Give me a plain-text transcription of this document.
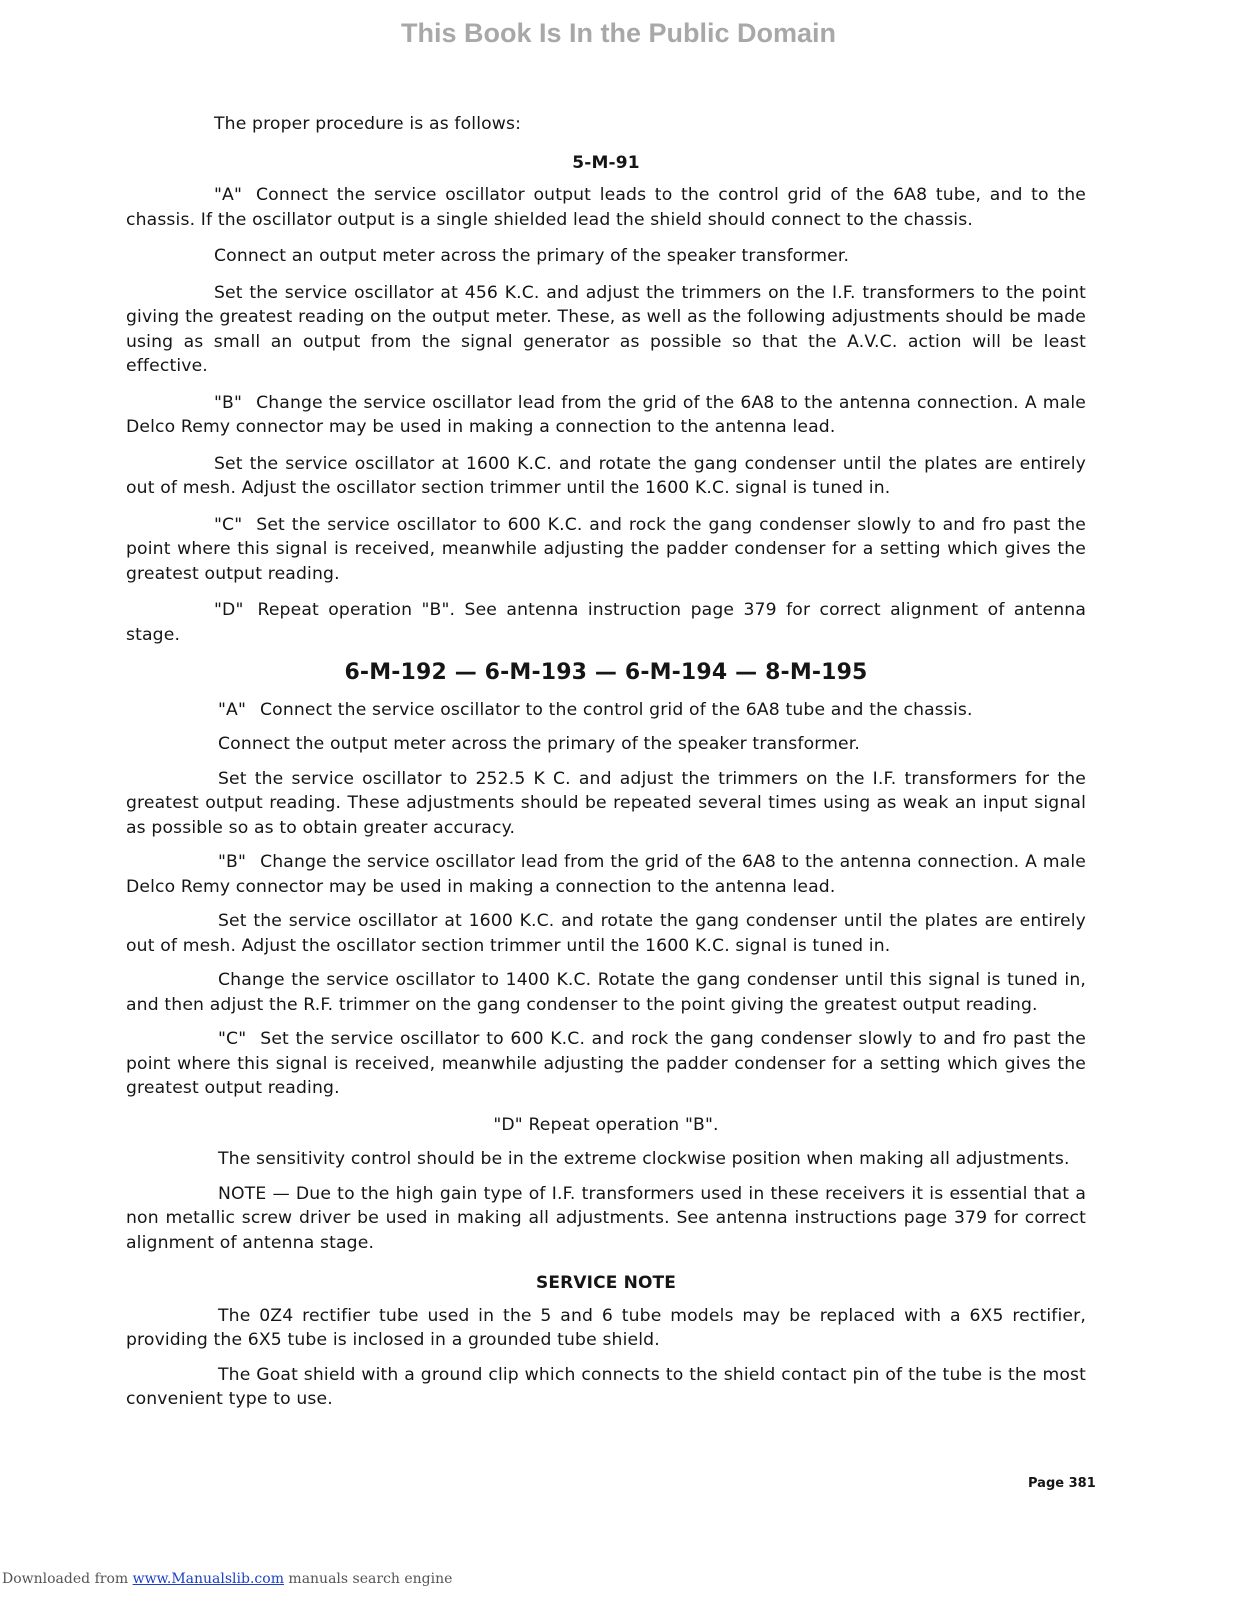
This Book Is In the Public Domain

The proper procedure is as follows:

5-M-91

"A" Connect the service oscillator output leads to the control grid of the 6A8 tube, and to the chassis. If the oscillator output is a single shielded lead the shield should connect to the chassis.

Connect an output meter across the primary of the speaker transformer.

Set the service oscillator at 456 K.C. and adjust the trimmers on the I.F. transformers to the point giving the greatest reading on the output meter. These, as well as the following adjustments should be made using as small an output from the signal generator as possible so that the A.V.C. action will be least effective.

"B" Change the service oscillator lead from the grid of the 6A8 to the antenna connection. A male Delco Remy connector may be used in making a connection to the antenna lead.

Set the service oscillator at 1600 K.C. and rotate the gang condenser until the plates are entirely out of mesh. Adjust the oscillator section trimmer until the 1600 K.C. signal is tuned in.

"C" Set the service oscillator to 600 K.C. and rock the gang condenser slowly to and fro past the point where this signal is received, meanwhile adjusting the padder condenser for a setting which gives the greatest output reading.

"D" Repeat operation "B". See antenna instruction page 379 for correct alignment of antenna stage.

6-M-192 — 6-M-193 — 6-M-194 — 8-M-195

"A" Connect the service oscillator to the control grid of the 6A8 tube and the chassis.

Connect the output meter across the primary of the speaker transformer.

Set the service oscillator to 252.5 K C. and adjust the trimmers on the I.F. transformers for the greatest output reading. These adjustments should be repeated several times using as weak an input signal as possible so as to obtain greater accuracy.

"B" Change the service oscillator lead from the grid of the 6A8 to the antenna connection. A male Delco Remy connector may be used in making a connection to the antenna lead.

Set the service oscillator at 1600 K.C. and rotate the gang condenser until the plates are entirely out of mesh. Adjust the oscillator section trimmer until the 1600 K.C. signal is tuned in.

Change the service oscillator to 1400 K.C. Rotate the gang condenser until this signal is tuned in, and then adjust the R.F. trimmer on the gang condenser to the point giving the greatest output reading.

"C" Set the service oscillator to 600 K.C. and rock the gang condenser slowly to and fro past the point where this signal is received, meanwhile adjusting the padder condenser for a setting which gives the greatest output reading.

"D" Repeat operation "B".

The sensitivity control should be in the extreme clockwise position when making all adjustments.

NOTE — Due to the high gain type of I.F. transformers used in these receivers it is essential that a non metallic screw driver be used in making all adjustments. See antenna instructions page 379 for correct alignment of antenna stage.

SERVICE NOTE

The 0Z4 rectifier tube used in the 5 and 6 tube models may be replaced with a 6X5 rectifier, providing the 6X5 tube is inclosed in a grounded tube shield.

The Goat shield with a ground clip which connects to the shield contact pin of the tube is the most convenient type to use.

Page 381
Downloaded from www.Manualslib.com manuals search engine
